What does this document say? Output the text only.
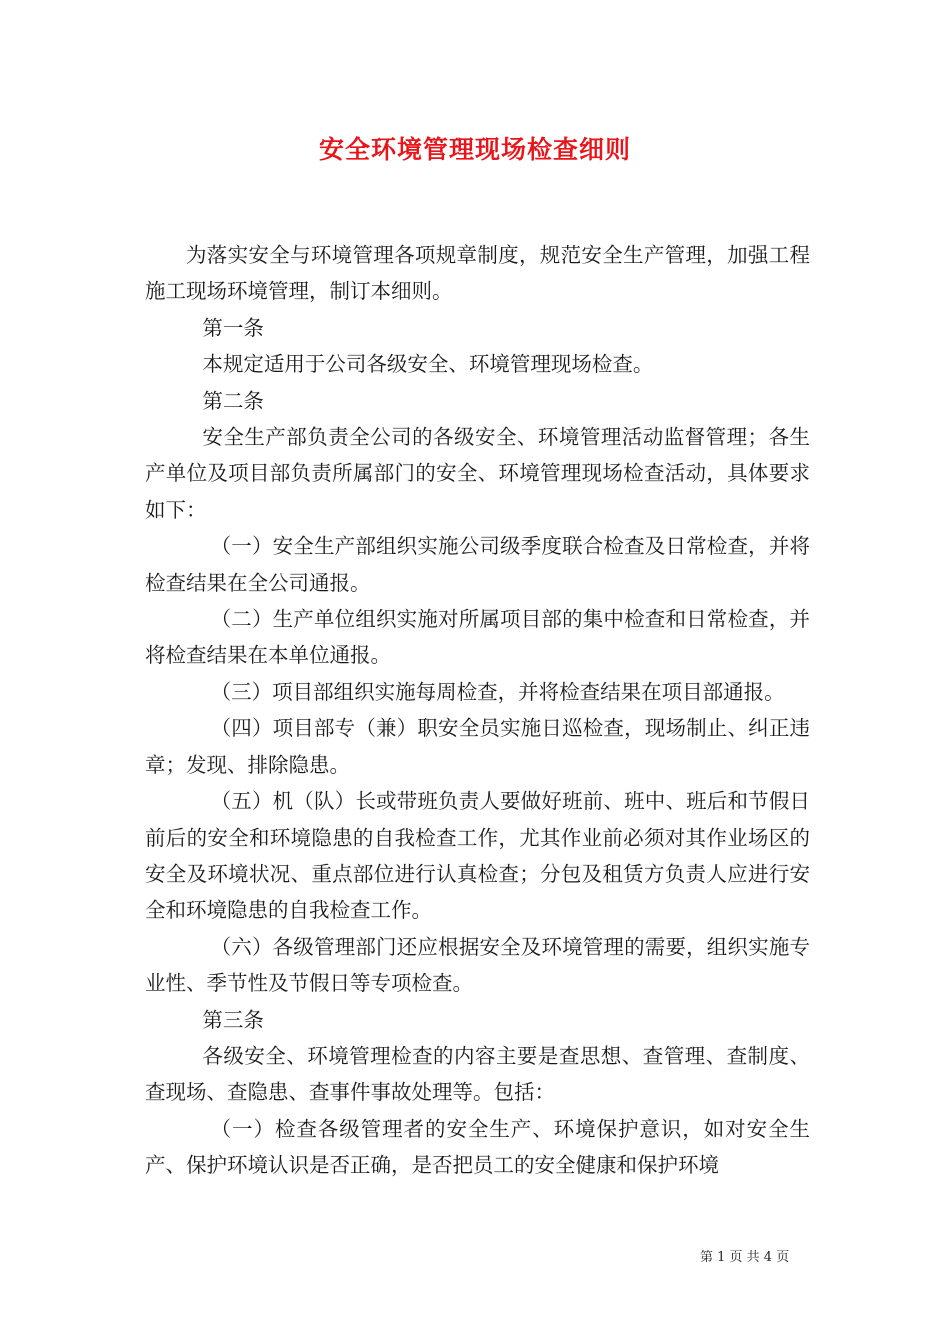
安全环境管理现场检查细则

为落实安全与环境管理各项规章制度，规范安全生产管理，加强工程施工现场环境管理，制订本细则。

第一条

本规定适用于公司各级安全、环境管理现场检查。

第二条

安全生产部负责全公司的各级安全、环境管理活动监督管理；各生产单位及项目部负责所属部门的安全、环境管理现场检查活动，具体要求如下：

（一）安全生产部组织实施公司级季度联合检查及日常检查，并将检查结果在全公司通报。

（二）生产单位组织实施对所属项目部的集中检查和日常检查，并将检查结果在本单位通报。

（三）项目部组织实施每周检查，并将检查结果在项目部通报。

（四）项目部专（兼）职安全员实施日巡检查，现场制止、纠正违章；发现、排除隐患。

（五）机（队）长或带班负责人要做好班前、班中、班后和节假日前后的安全和环境隐患的自我检查工作，尤其作业前必须对其作业场区的安全及环境状况、重点部位进行认真检查；分包及租赁方负责人应进行安全和环境隐患的自我检查工作。

（六）各级管理部门还应根据安全及环境管理的需要，组织实施专业性、季节性及节假日等专项检查。

第三条

各级安全、环境管理检查的内容主要是查思想、查管理、查制度、查现场、查隐患、查事件事故处理等。包括：

（一）检查各级管理者的安全生产、环境保护意识，如对安全生产、保护环境认识是否正确，是否把员工的安全健康和保护环境

第 1 页 共 4 页
